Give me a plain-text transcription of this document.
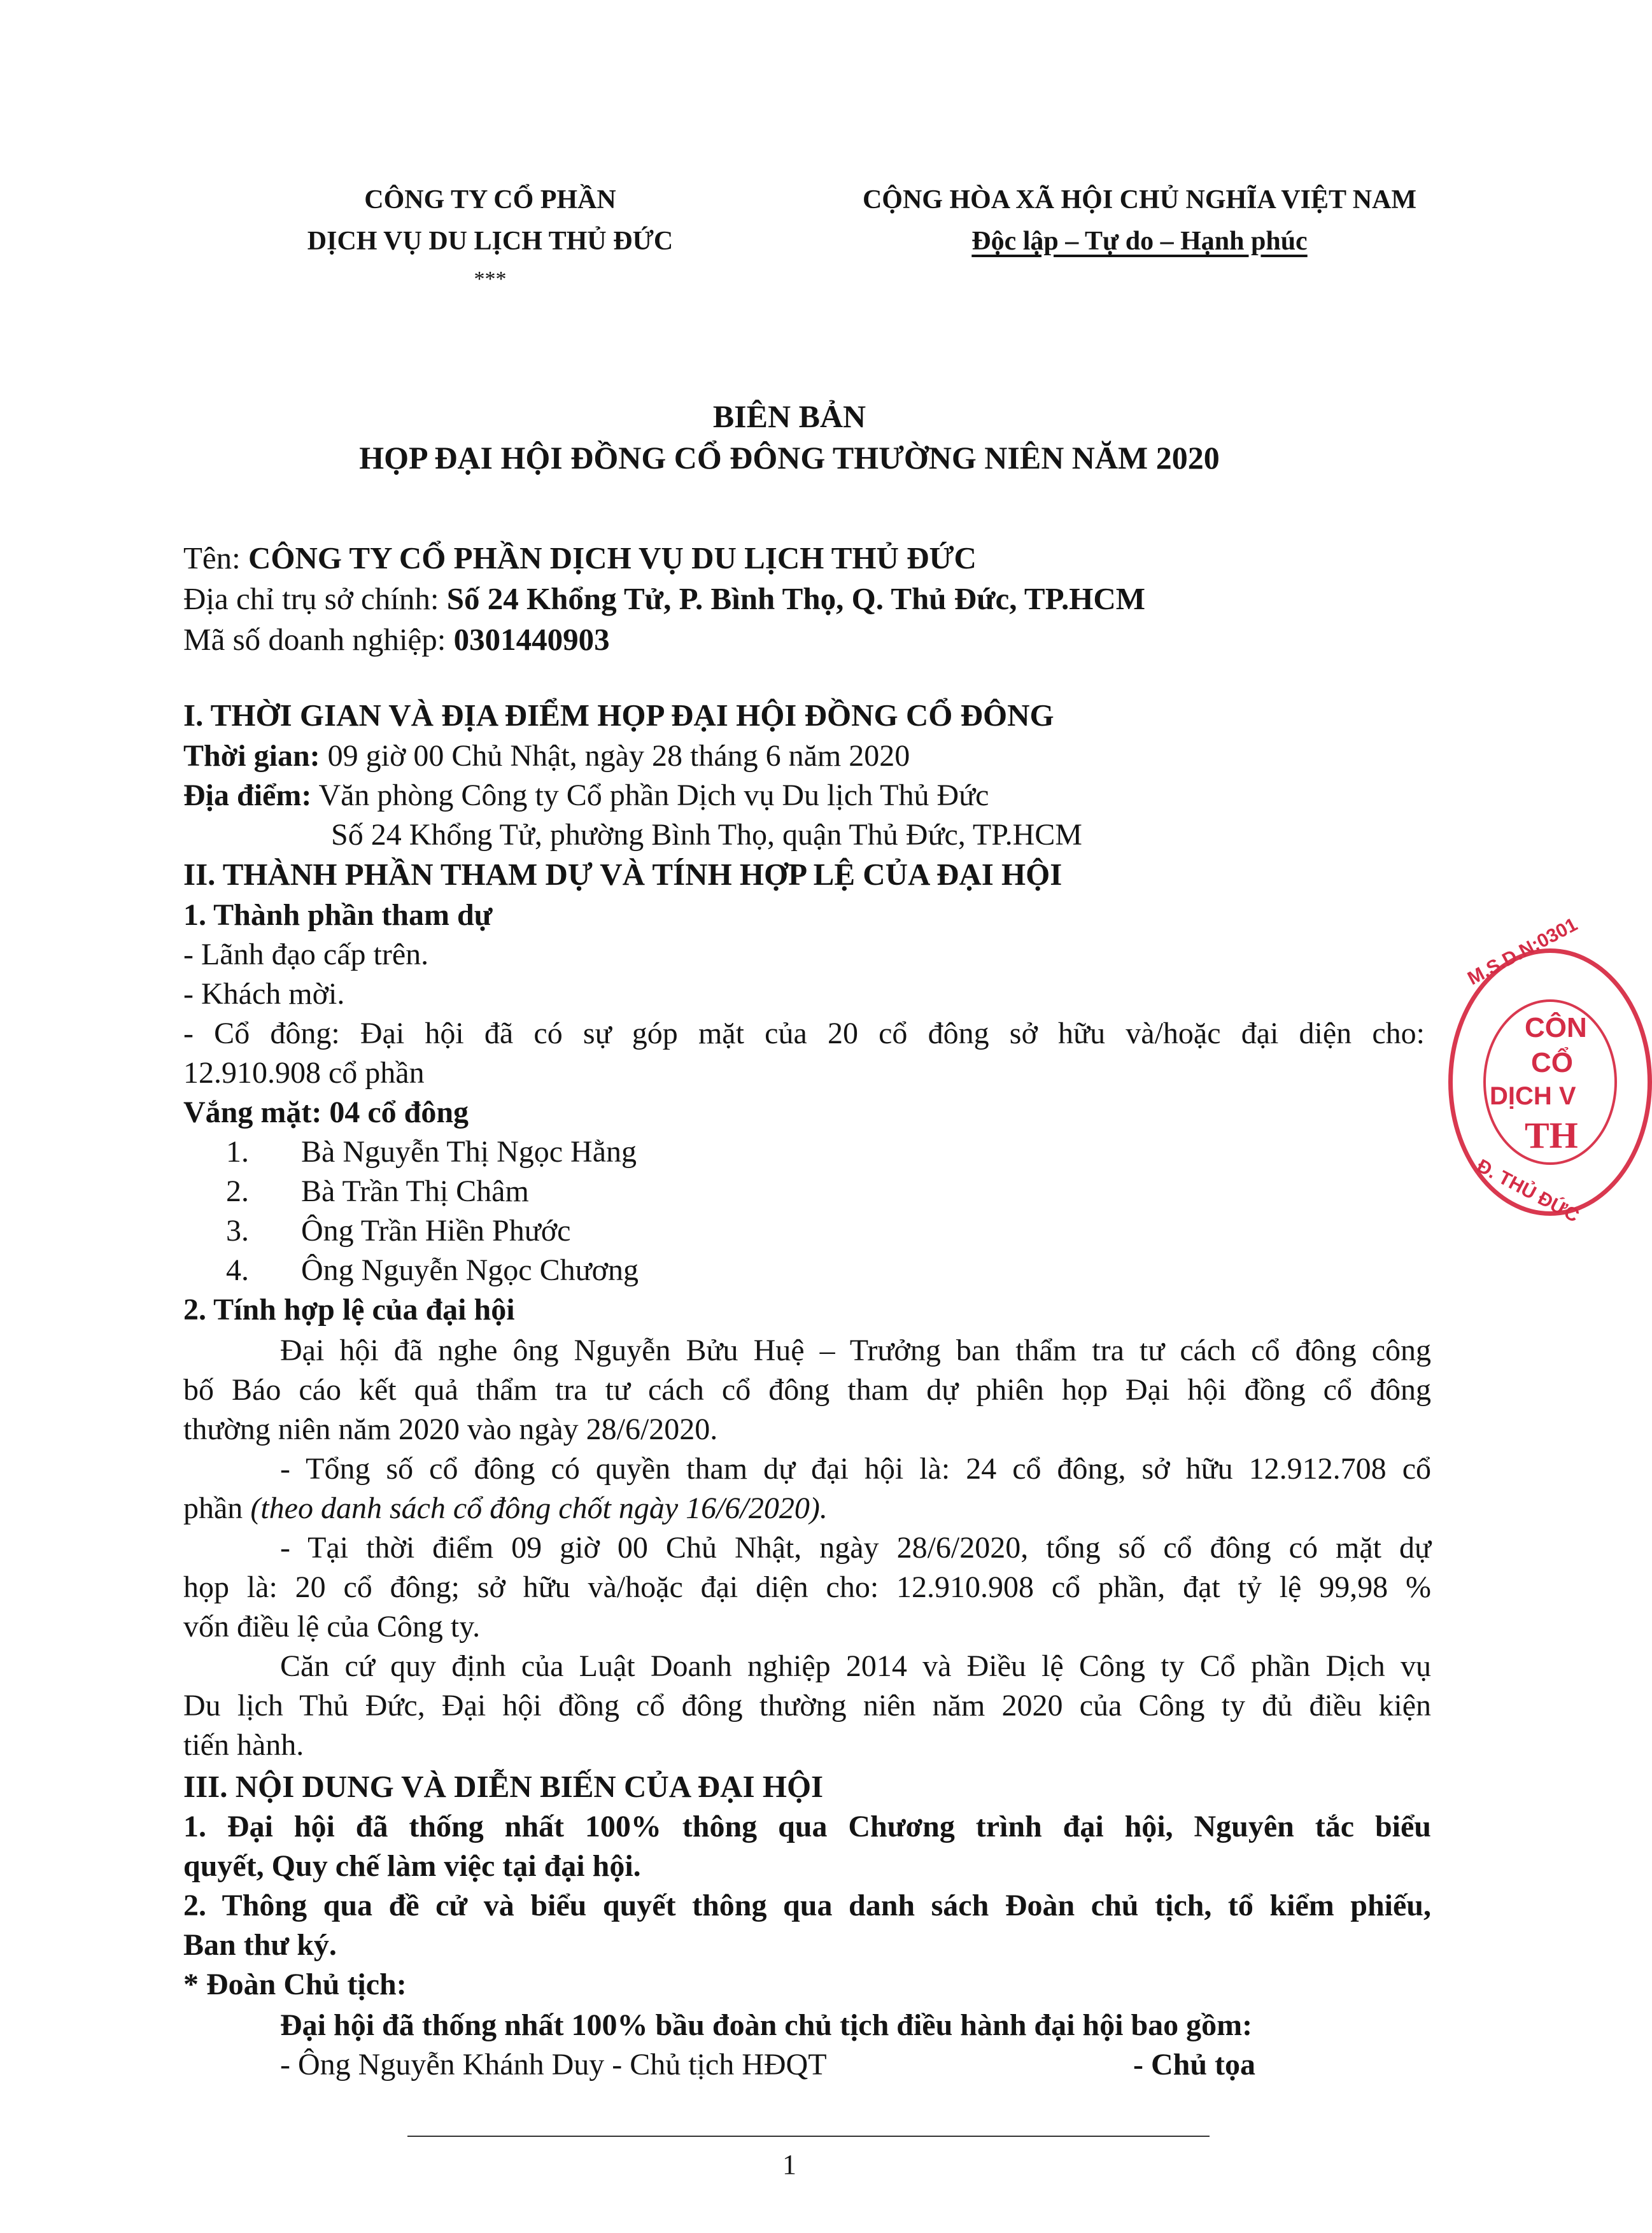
CÔNG TY CỔ PHẦN
DỊCH VỤ DU LỊCH THỦ ĐỨC
***
CỘNG HÒA XÃ HỘI CHỦ NGHĨA VIỆT NAM
Độc lập – Tự do – Hạnh phúc
BIÊN BẢN
HỌP ĐẠI HỘI ĐỒNG CỔ ĐÔNG THƯỜNG NIÊN NĂM 2020
Tên: CÔNG TY CỔ PHẦN DỊCH VỤ DU LỊCH THỦ ĐỨC
Địa chỉ trụ sở chính: Số 24 Khổng Tử, P. Bình Thọ, Q. Thủ Đức, TP.HCM
Mã số doanh nghiệp: 0301440903
I. THỜI GIAN VÀ ĐỊA ĐIỂM HỌP ĐẠI HỘI ĐỒNG CỔ ĐÔNG
Thời gian: 09 giờ 00 Chủ Nhật, ngày 28 tháng 6 năm 2020
Địa điểm: Văn phòng Công ty Cổ phần Dịch vụ Du lịch Thủ Đức
Số 24 Khổng Tử, phường Bình Thọ, quận Thủ Đức, TP.HCM
II. THÀNH PHẦN THAM DỰ VÀ TÍNH HỢP LỆ CỦA ĐẠI HỘI
1. Thành phần tham dự
- Lãnh đạo cấp trên.
- Khách mời.
- Cổ đông: Đại hội đã có sự góp mặt của 20 cổ đông sở hữu và/hoặc đại diện cho:
12.910.908 cổ phần
Vắng mặt: 04 cổ đông
1. Bà Nguyễn Thị Ngọc Hằng
2. Bà Trần Thị Châm
3. Ông Trần Hiền Phước
4. Ông Nguyễn Ngọc Chương
2. Tính hợp lệ của đại hội
Đại hội đã nghe ông Nguyễn Bửu Huệ – Trưởng ban thẩm tra tư cách cổ đông công
bố Báo cáo kết quả thẩm tra tư cách cổ đông tham dự phiên họp Đại hội đồng cổ đông
thường niên năm 2020 vào ngày 28/6/2020.
- Tổng số cổ đông có quyền tham dự đại hội là: 24 cổ đông, sở hữu 12.912.708 cổ
phần (theo danh sách cổ đông chốt ngày 16/6/2020).
- Tại thời điểm 09 giờ 00 Chủ Nhật, ngày 28/6/2020, tổng số cổ đông có mặt dự
họp là: 20 cổ đông; sở hữu và/hoặc đại diện cho: 12.910.908 cổ phần, đạt tỷ lệ 99,98 %
vốn điều lệ của Công ty.
Căn cứ quy định của Luật Doanh nghiệp 2014 và Điều lệ Công ty Cổ phần Dịch vụ
Du lịch Thủ Đức, Đại hội đồng cổ đông thường niên năm 2020 của Công ty đủ điều kiện
tiến hành.
III. NỘI DUNG VÀ DIỄN BIẾN CỦA ĐẠI HỘI
1. Đại hội đã thống nhất 100% thông qua Chương trình đại hội, Nguyên tắc biểu
quyết, Quy chế làm việc tại đại hội.
2. Thông qua đề cử và biểu quyết thông qua danh sách Đoàn chủ tịch, tổ kiểm phiếu,
Ban thư ký.
* Đoàn Chủ tịch:
Đại hội đã thống nhất 100% bầu đoàn chủ tịch điều hành đại hội bao gồm:
- Ông Nguyễn Khánh Duy - Chủ tịch HĐQT	- Chủ tọa
1
M.S.D.N:0301
CÔN
CỔ
DỊCH V
TH
Đ. THỦ ĐỨC
